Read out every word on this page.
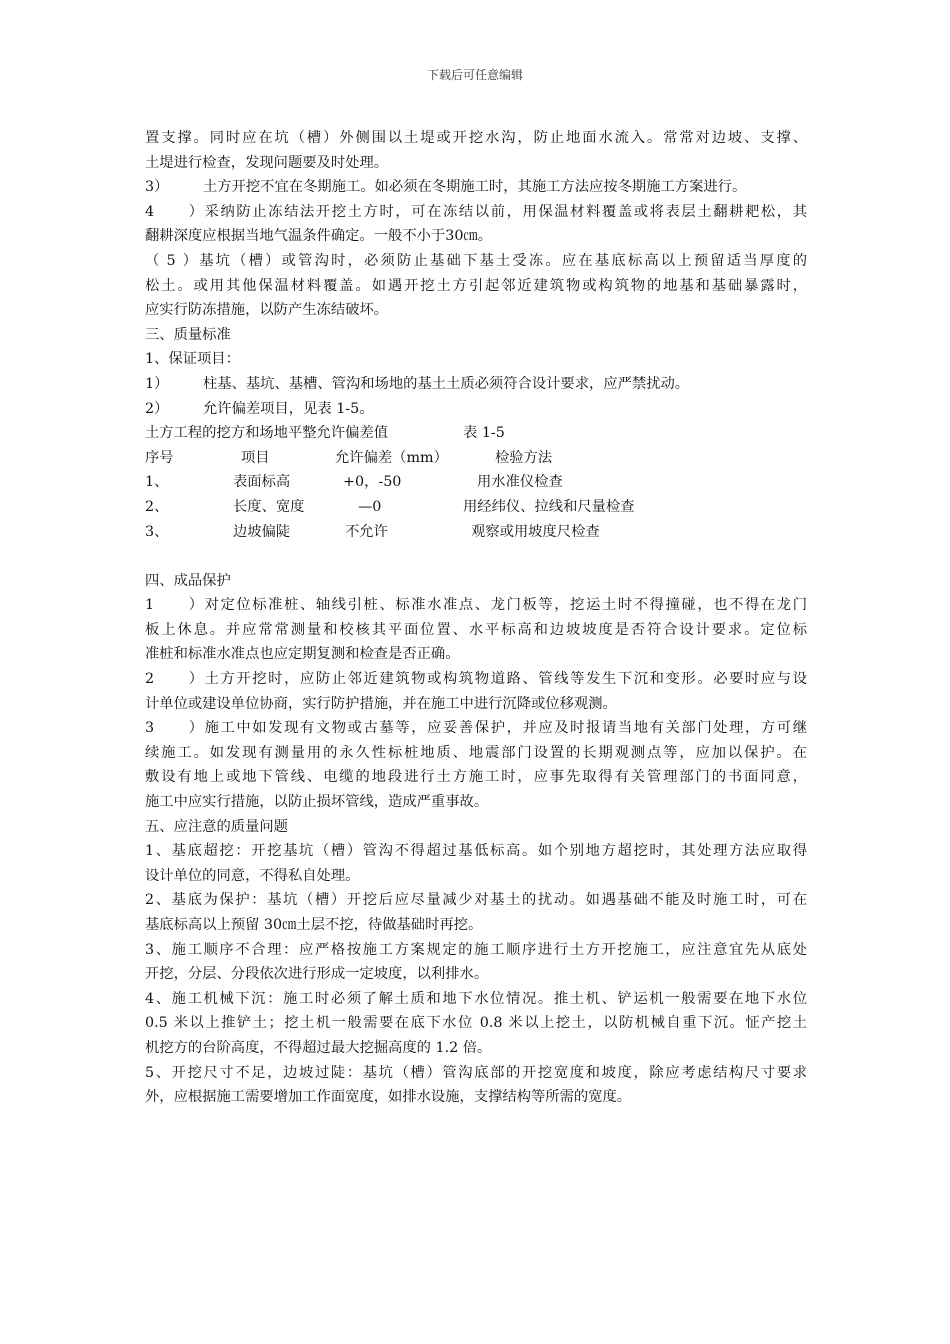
下载后可任意编辑
置支撑。同时应在坑（槽）外侧围以土堤或开挖水沟，防止地面水流入。常常对边坡、支撑、
土堤进行检查，发现问题要及时处理。
3） 土方开挖不宜在冬期施工。如必须在冬期施工时，其施工方法应按冬期施工方案进行。
4）采纳防止冻结法开挖土方时，可在冻结以前，用保温材料覆盖或将表层土翻耕耙松，其
翻耕深度应根据当地气温条件确定。一般不小于30㎝。
（5）基坑（槽）或管沟时，必须防止基础下基土受冻。应在基底标高以上预留适当厚度的
松土。或用其他保温材料覆盖。如遇开挖土方引起邻近建筑物或构筑物的地基和基础暴露时，
应实行防冻措施，以防产生冻结破坏。
三、质量标准
1、保证项目：
1） 柱基、基坑、基槽、管沟和场地的基土土质必须符合设计要求，应严禁扰动。
2） 允许偏差项目，见表 1-5。
土方工程的挖方和场地平整允许偏差值	表 1-5
序号	项目	允许偏差（mm）	检验方法
1、	表面标高	+0，-50	用水准仪检查
2、	长度、宽度	—0	用经纬仪、拉线和尺量检查
3、	边坡偏陡	不允许	观察或用坡度尺检查
四、成品保护
1）对定位标准桩、轴线引桩、标准水准点、龙门板等，挖运土时不得撞碰，也不得在龙门
板上休息。并应常常测量和校核其平面位置、水平标高和边坡坡度是否符合设计要求。定位标
准桩和标准水准点也应定期复测和检查是否正确。
2）土方开挖时，应防止邻近建筑物或构筑物道路、管线等发生下沉和变形。必要时应与设
计单位或建设单位协商，实行防护措施，并在施工中进行沉降或位移观测。
3）施工中如发现有文物或古墓等，应妥善保护，并应及时报请当地有关部门处理，方可继
续施工。如发现有测量用的永久性标桩地质、地震部门设置的长期观测点等，应加以保护。在
敷设有地上或地下管线、电缆的地段进行土方施工时，应事先取得有关管理部门的书面同意，
施工中应实行措施，以防止损坏管线，造成严重事故。
五、应注意的质量问题
1、基底超挖：开挖基坑（槽）管沟不得超过基低标高。如个别地方超挖时，其处理方法应取得
设计单位的同意，不得私自处理。
2、基底为保护：基坑（槽）开挖后应尽量减少对基土的扰动。如遇基础不能及时施工时，可在
基底标高以上预留 30㎝土层不挖，待做基础时再挖。
3、施工顺序不合理：应严格按施工方案规定的施工顺序进行土方开挖施工，应注意宜先从底处
开挖，分层、分段依次进行形成一定坡度，以利排水。
4、施工机械下沉：施工时必须了解土质和地下水位情况。推土机、铲运机一般需要在地下水位
0.5 米以上推铲土；挖土机一般需要在底下水位 0.8 米以上挖土，以防机械自重下沉。怔产挖土
机挖方的台阶高度，不得超过最大挖掘高度的 1.2 倍。
5、开挖尺寸不足，边坡过陡：基坑（槽）管沟底部的开挖宽度和坡度，除应考虑结构尺寸要求
外，应根据施工需要增加工作面宽度，如排水设施，支撑结构等所需的宽度。
